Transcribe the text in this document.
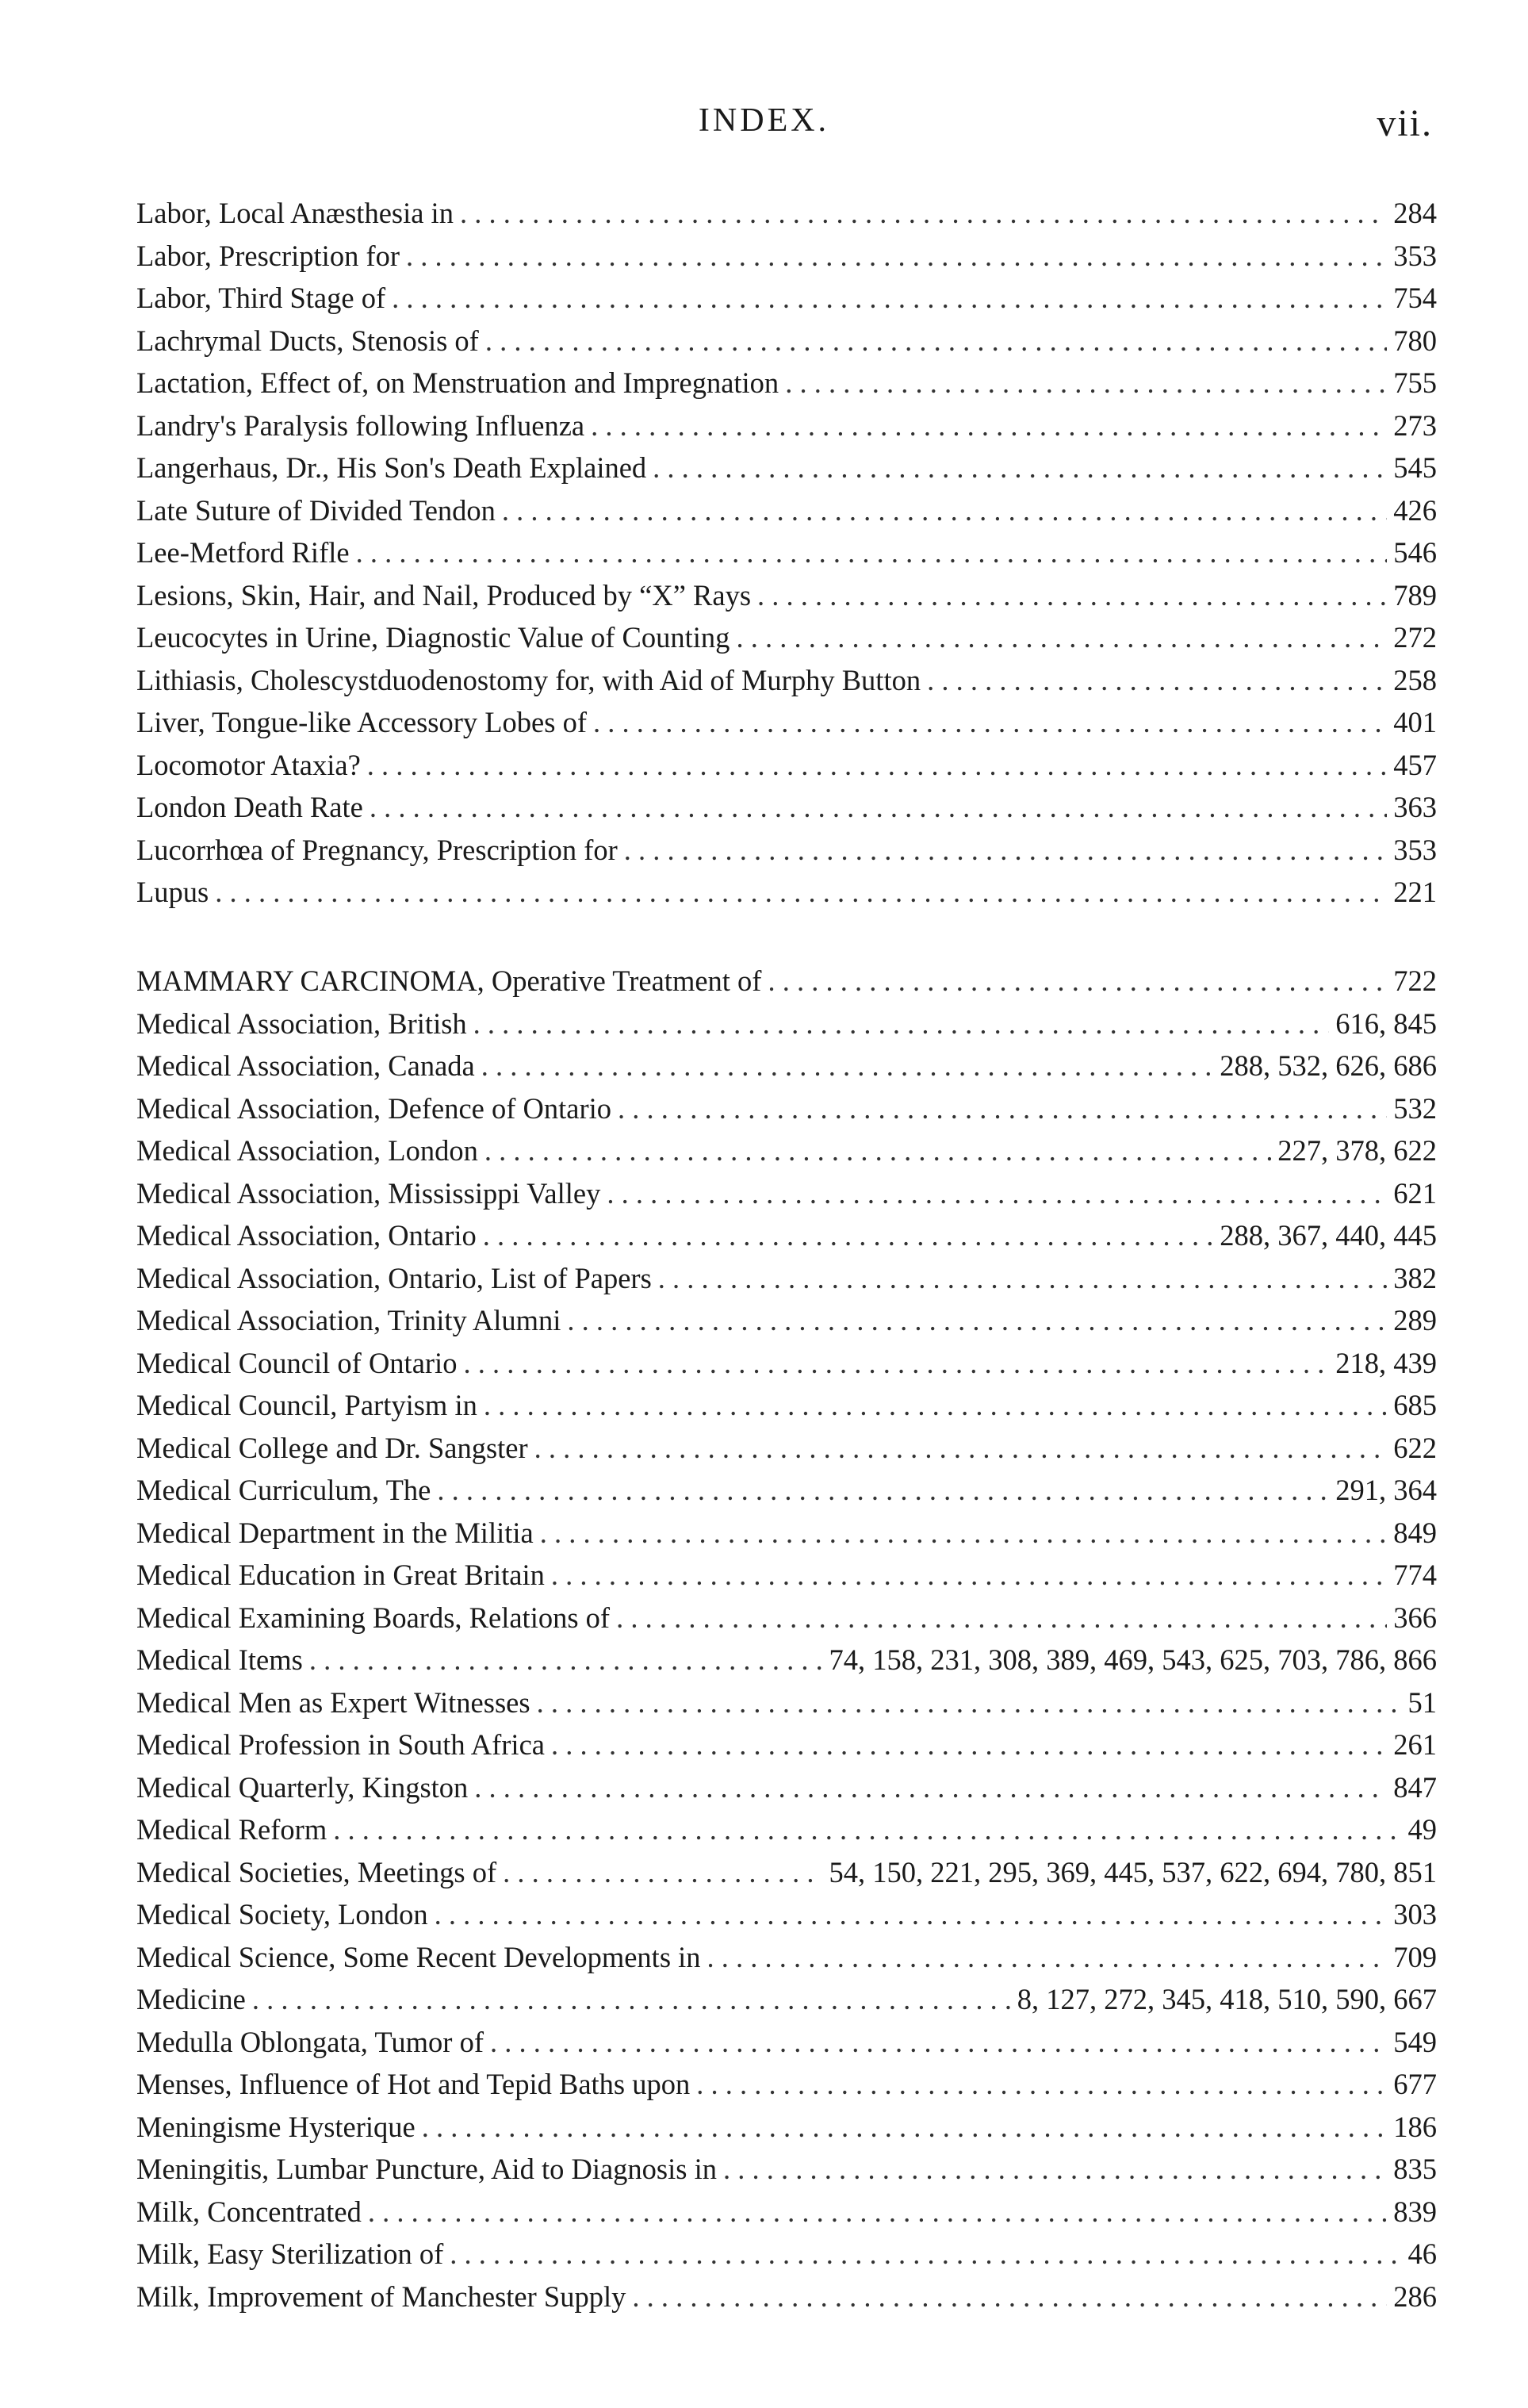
INDEX.	vii.
Labor, Local Anæsthesia in . . .	284
Labor, Prescription for . . .	353
Labor, Third Stage of . . .	754
Lachrymal Ducts, Stenosis of . . .	780
Lactation, Effect of, on Menstruation and Impregnation . . .	755
Landry's Paralysis following Influenza . . .	273
Langerhaus, Dr., His Son's Death Explained . . .	545
Late Suture of Divided Tendon . . .	426
Lee-Metford Rifle . . .	546
Lesions, Skin, Hair, and Nail, Produced by “X” Rays . . .	789
Leucocytes in Urine, Diagnostic Value of Counting . . .	272
Lithiasis, Cholescystduodenostomy for, with Aid of Murphy Button . . .	258
Liver, Tongue-like Accessory Lobes of . . .	401
Locomotor Ataxia? . . .	457
London Death Rate . . .	363
Lucorrhœa of Pregnancy, Prescription for . . .	353
Lupus . . .	221
MAMMARY CARCINOMA, Operative Treatment of . . .	722
Medical Association, British . . .	616, 845
Medical Association, Canada . . .	288, 532, 626, 686
Medical Association, Defence of Ontario . . .	532
Medical Association, London . . .	227, 378, 622
Medical Association, Mississippi Valley . . .	621
Medical Association, Ontario . . .	288, 367, 440, 445
Medical Association, Ontario, List of Papers . . .	382
Medical Association, Trinity Alumni . . .	289
Medical Council of Ontario . . .	218, 439
Medical Council, Partyism in . . .	685
Medical College and Dr. Sangster . . .	622
Medical Curriculum, The . . .	291, 364
Medical Department in the Militia . . .	849
Medical Education in Great Britain . . .	774
Medical Examining Boards, Relations of . . .	366
Medical Items . . .	74, 158, 231, 308, 389, 469, 543, 625, 703, 786, 866
Medical Men as Expert Witnesses . . .	51
Medical Profession in South Africa . . .	261
Medical Quarterly, Kingston . . .	847
Medical Reform . . .	49
Medical Societies, Meetings of . . .	54, 150, 221, 295, 369, 445, 537, 622, 694, 780, 851
Medical Society, London . . .	303
Medical Science, Some Recent Developments in . . .	709
Medicine . . .	8, 127, 272, 345, 418, 510, 590, 667
Medulla Oblongata, Tumor of . . .	549
Menses, Influence of Hot and Tepid Baths upon . . .	677
Meningisme Hysterique . . .	186
Meningitis, Lumbar Puncture, Aid to Diagnosis in . . .	835
Milk, Concentrated . . .	839
Milk, Easy Sterilization of . . .	46
Milk, Improvement of Manchester Supply . . .	286
